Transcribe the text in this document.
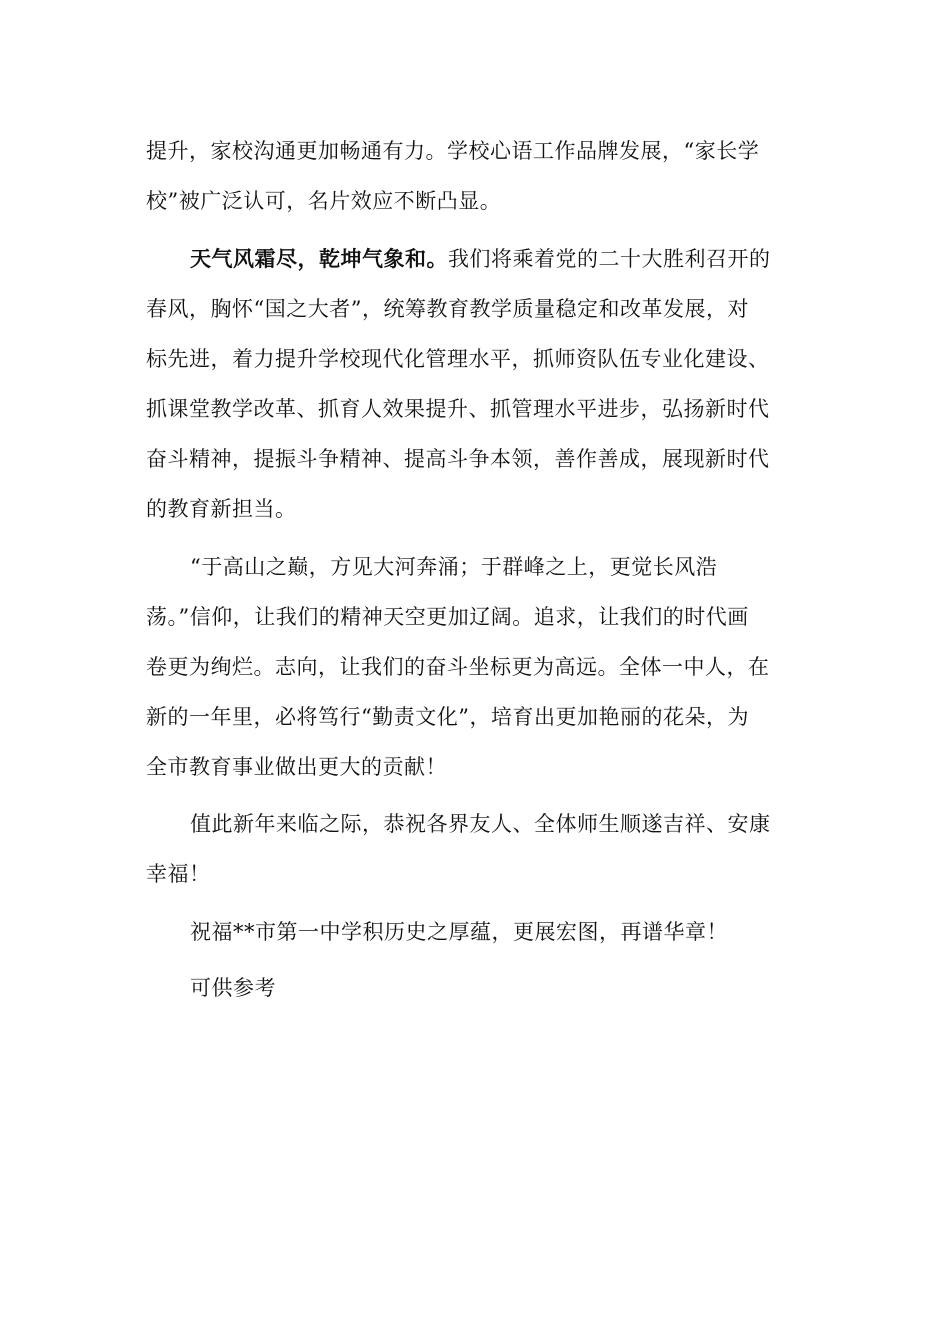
提升，家校沟通更加畅通有力。学校心语工作品牌发展，“家长学
校”被广泛认可，名片效应不断凸显。
天气风霜尽，乾坤气象和。我们将乘着党的二十大胜利召开的
春风，胸怀“国之大者”，统筹教育教学质量稳定和改革发展，对
标先进，着力提升学校现代化管理水平，抓师资队伍专业化建设、
抓课堂教学改革、抓育人效果提升、抓管理水平进步，弘扬新时代
奋斗精神，提振斗争精神、提高斗争本领，善作善成，展现新时代
的教育新担当。
“于高山之巅，方见大河奔涌；于群峰之上，更觉长风浩
荡。”信仰，让我们的精神天空更加辽阔。追求，让我们的时代画
卷更为绚烂。志向，让我们的奋斗坐标更为高远。全体一中人，在
新的一年里，必将笃行“勤责文化”，培育出更加艳丽的花朵，为
全市教育事业做出更大的贡献！
值此新年来临之际，恭祝各界友人、全体师生顺遂吉祥、安康
幸福！
祝福**市第一中学积历史之厚蕴，更展宏图，再谱华章！
可供参考
